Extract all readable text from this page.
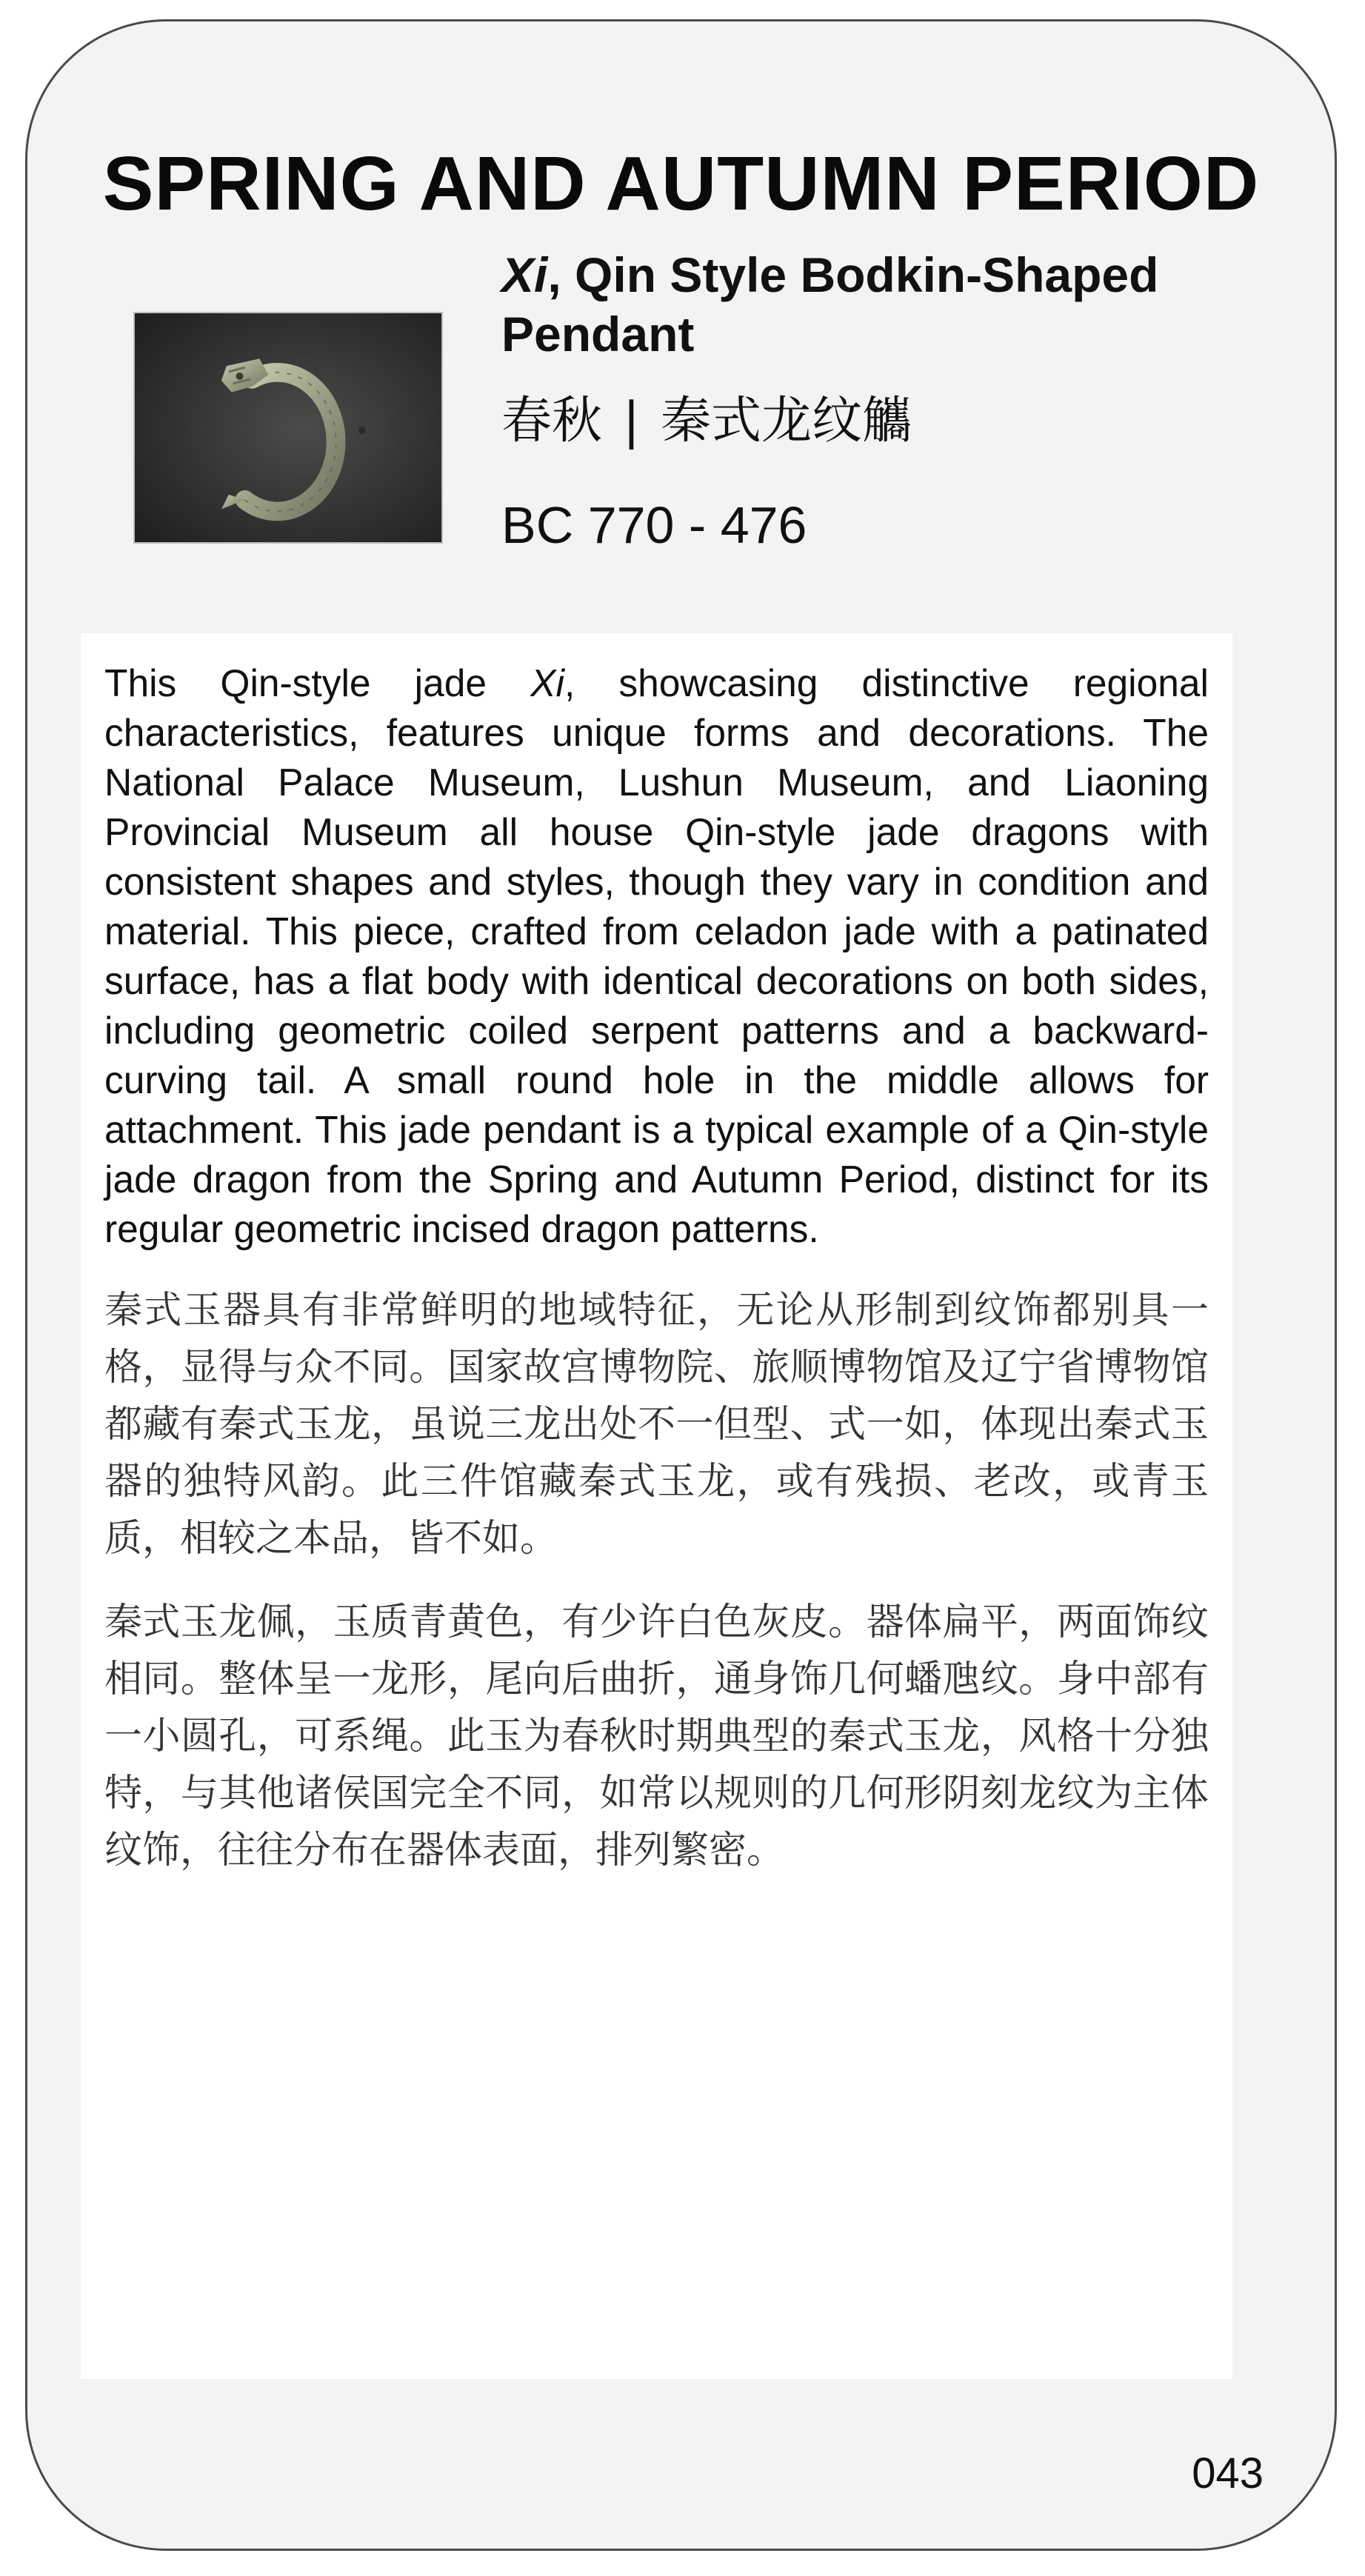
SPRING AND AUTUMN PERIOD
Xi, Qin Style Bodkin-Shaped Pendant
春秋 | 秦式龙纹觿
BC 770 - 476
043

This Qin-style jade Xi, showcasing distinctive regional characteristics, features unique forms and decorations. The National Palace Museum, Lushun Museum, and Liaoning Provincial Museum all house Qin-style jade dragons with consistent shapes and styles, though they vary in condition and material. This piece, crafted from celadon jade with a patinated surface, has a flat body with identical decorations on both sides, including geometric coiled serpent patterns and a backward-curving tail. A small round hole in the middle allows for attachment. This jade pendant is a typical example of a Qin-style jade dragon from the Spring and Autumn Period, distinct for its regular geometric incised dragon patterns.

秦式玉器具有非常鲜明的地域特征，无论从形制到纹饰都别具一格，显得与众不同。国家故宫博物院、旅顺博物馆及辽宁省博物馆都藏有秦式玉龙，虽说三龙出处不一但型、式一如，体现出秦式玉器的独特风韵。此三件馆藏秦式玉龙，或有残损、老改，或青玉质，相较之本品，皆不如。

秦式玉龙佩，玉质青黄色，有少许白色灰皮。器体扁平，两面饰纹相同。整体呈一龙形，尾向后曲折，通身饰几何蟠虺纹。身中部有一小圆孔，可系绳。此玉为春秋时期典型的秦式玉龙，风格十分独特，与其他诸侯国完全不同，如常以规则的几何形阴刻龙纹为主体纹饰，往往分布在器体表面，排列繁密。
